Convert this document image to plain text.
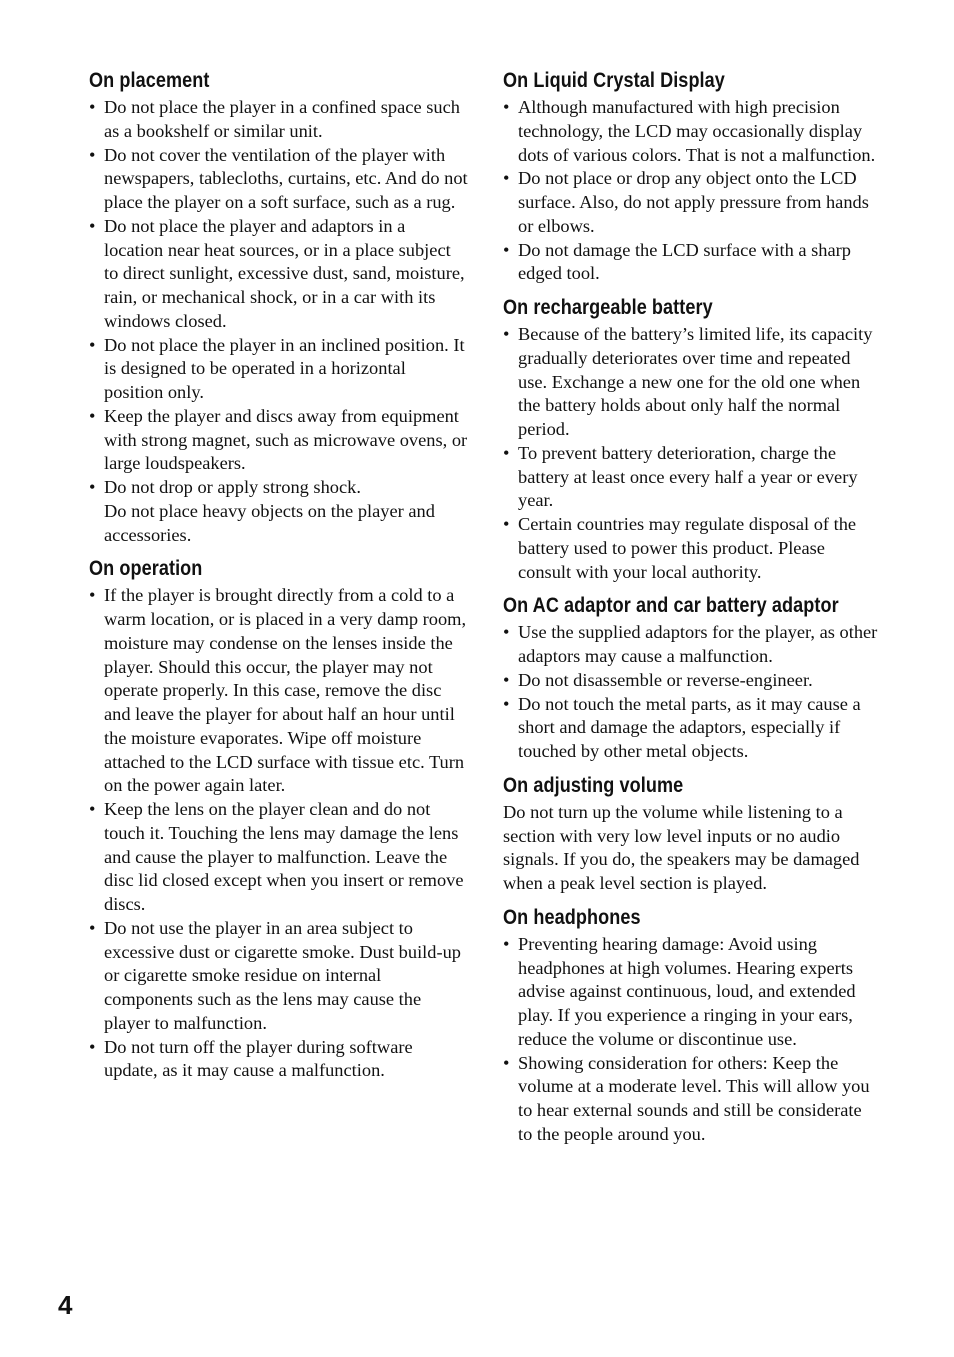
On placement
• Do not place the player in a confined space such as a bookshelf or similar unit.
• Do not cover the ventilation of the player with newspapers, tablecloths, curtains, etc. And do not place the player on a soft surface, such as a rug.
• Do not place the player and adaptors in a location near heat sources, or in a place subject to direct sunlight, excessive dust, sand, moisture, rain, or mechanical shock, or in a car with its windows closed.
• Do not place the player in an inclined position. It is designed to be operated in a horizontal position only.
• Keep the player and discs away from equipment with strong magnet, such as microwave ovens, or large loudspeakers.
• Do not drop or apply strong shock.
Do not place heavy objects on the player and accessories.
On operation
• If the player is brought directly from a cold to a warm location, or is placed in a very damp room, moisture may condense on the lenses inside the player. Should this occur, the player may not operate properly. In this case, remove the disc and leave the player for about half an hour until the moisture evaporates. Wipe off moisture attached to the LCD surface with tissue etc. Turn on the power again later.
• Keep the lens on the player clean and do not touch it. Touching the lens may damage the lens and cause the player to malfunction. Leave the disc lid closed except when you insert or remove discs.
• Do not use the player in an area subject to excessive dust or cigarette smoke. Dust build-up or cigarette smoke residue on internal components such as the lens may cause the player to malfunction.
• Do not turn off the player during software update, as it may cause a malfunction.
On Liquid Crystal Display
• Although manufactured with high precision technology, the LCD may occasionally display dots of various colors. That is not a malfunction.
• Do not place or drop any object onto the LCD surface. Also, do not apply pressure from hands or elbows.
• Do not damage the LCD surface with a sharp edged tool.
On rechargeable battery
• Because of the battery’s limited life, its capacity gradually deteriorates over time and repeated use. Exchange a new one for the old one when the battery holds about only half the normal period.
• To prevent battery deterioration, charge the battery at least once every half a year or every year.
• Certain countries may regulate disposal of the battery used to power this product. Please consult with your local authority.
On AC adaptor and car battery adaptor
• Use the supplied adaptors for the player, as other adaptors may cause a malfunction.
• Do not disassemble or reverse-engineer.
• Do not touch the metal parts, as it may cause a short and damage the adaptors, especially if touched by other metal objects.
On adjusting volume

Do not turn up the volume while listening to a section with very low level inputs or no audio signals. If you do, the speakers may be damaged when a peak level section is played.

On headphones
• Preventing hearing damage: Avoid using headphones at high volumes. Hearing experts advise against continuous, loud, and extended play. If you experience a ringing in your ears, reduce the volume or discontinue use.
• Showing consideration for others: Keep the volume at a moderate level. This will allow you to hear external sounds and still be considerate to the people around you.
4
